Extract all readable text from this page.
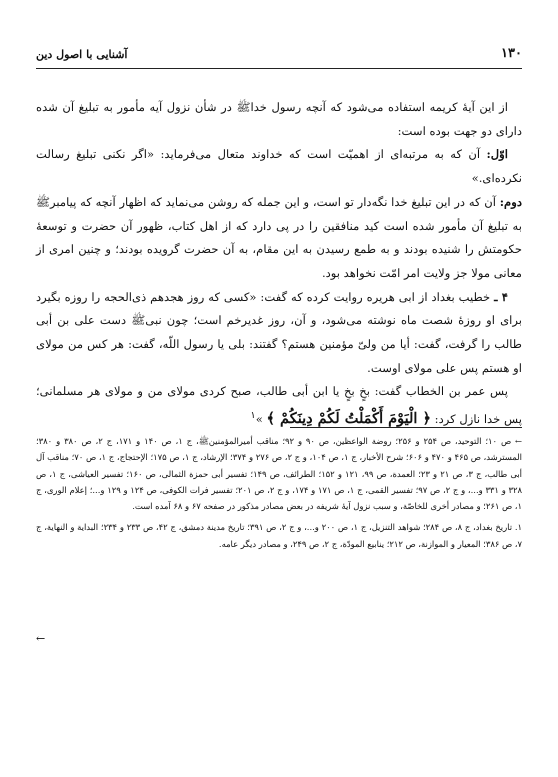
۱۳۰
آشنایی با اصول دین

از این آیهٔ کریمه استفاده می‌شود که آنچه رسول خداﷺ در شأن نزول آیه مأمور به تبلیغ آن شده دارای دو جهت بوده است:

اوّل: آن که به مرتبه‌ای از اهمیّت است که خداوند متعال می‌فرماید: «اگر نکنی تبلیغ رسالت نکرده‌ای.»

دوم: آن که در این تبلیغ خدا نگه‌دار تو است، و این جمله که روشن می‌نماید که اظهار آنچه که پیامبرﷺ به تبلیغ آن مأمور شده است کید منافقین را در پی دارد که از اهل کتاب، ظهور آن حضرت و توسعهٔ حکومتش را شنیده بودند و به طمع رسیدن به این مقام، به آن حضرت گرویده بودند؛ و چنین امری از معانی مولا جز ولایت امر امّت نخواهد بود.

۴ ـ خطیب بغداد از ابی هریره روایت کرده که گفت: «کسی که روز هجدهم ذی‌الحجه را روزه بگیرد برای او روزهٔ شصت ماه نوشته می‌شود، و آن، روز غدیرخم است؛ چون نبیﷺ دست علی بن أبی طالب را گرفت، گفت: أیا من ولیّ مؤمنین هستم؟ گفتند: بلی یا رسول اللّه، گفت: هر کس من مولای او هستم پس علی مولای اوست.

پس عمر بن الخطاب گفت: بخٍ بخٍ یا ابن أبی طالب، صبح کردی مولای من و مولای هر مسلمانی؛ پس خدا نازل کرد: ﴿ الْيَوْمَ أَكْمَلْتُ لَكُمْ دِينَكُمْ ﴾ »$^۱$

← ص ۱۰؛ التوحید، ص ۲۵۴ و ۲۵۶؛ روضة الواعظین، ص ۹۰ و ۹۲؛ مناقب أمیرالمؤمنینﷺ، ج ۱، ص ۱۴۰ و ۱۷۱، ج ۲، ص ۳۸۰ و ۳۸۰؛ المسترشد، ص ۴۶۵ و ۴۷۰ و ۶۰۶؛ شرح الأخبار، ج ۱، ص ۱۰۴، و ج ۲، ص ۲۷۶ و ۳۷۴؛ الإرشاد، ج ۱، ص ۱۷۵؛ الإحتجاج، ج ۱، ص ۷۰؛ مناقب آل أبی طالب، ج ۳، ص ۲۱ و ۲۳؛ العمدة، ص ۹۹، ۱۲۱ و ۱۵۲؛ الطرائف، ص ۱۴۹؛ تفسیر أبی حمزة الثمالی، ص ۱۶۰؛ تفسیر العیاشی، ج ۱، ص ۳۲۸ و ۳۳۱ و...، و ج ۲، ص ۹۷؛ تفسیر القمی، ج ۱، ص ۱۷۱ و ۱۷۴، و ج ۲، ص ۲۰۱؛ تفسیر فرات الکوفی، ص ۱۲۴ و ۱۲۹ و...؛ إعلام الوری، ج ۱، ص ۲۶۱؛ و مصادر أخری للخاصّة، و سبب نزول آیهٔ شریفه در بعض مصادر مذکور در صفحه ۶۷ و ۶۸ آمده است.

۱. تاریخ بغداد، ج ۸، ص ۲۸۴؛ شواهد التنزیل، ج ۱، ص ۲۰۰ و...، و ج ۲، ص ۳۹۱؛ تاریخ مدینة دمشق، ج ۴۲، ص ۲۳۳ و ۲۳۴؛ البدایة و النهایة، ج ۷، ص ۳۸۶؛ المعیار و الموازنة، ص ۲۱۲؛ ینابیع المودّة، ج ۲، ص ۲۴۹، و مصادر دیگر عامه.

←
